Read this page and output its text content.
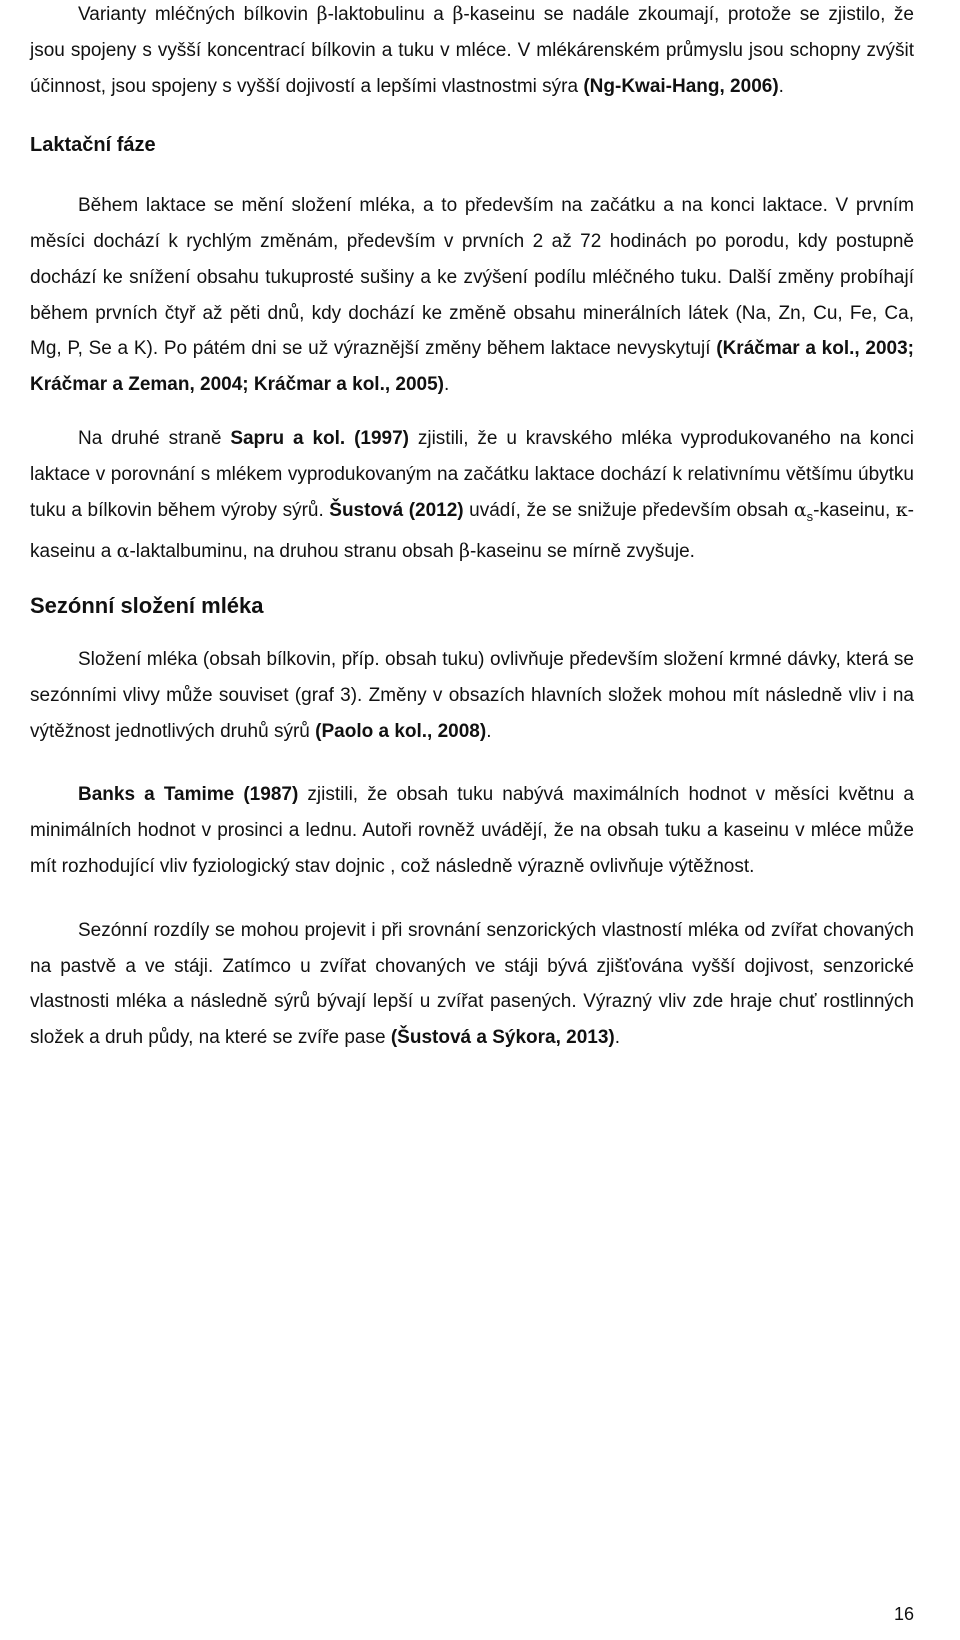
Varianty mléčných bílkovin β-laktobulinu a β-kaseinu se nadále zkoumají, protože se zjistilo, že jsou spojeny s vyšší koncentrací bílkovin a tuku v mléce. V mlékárenském průmyslu jsou schopny zvýšit účinnost, jsou spojeny s vyšší dojivostí a lepšími vlastnostmi sýra (Ng-Kwai-Hang, 2006).

Laktační fáze

Během laktace se mění složení mléka, a to především na začátku a na konci laktace. V prvním měsíci dochází k rychlým změnám, především v prvních 2 až 72 hodinách po porodu, kdy postupně dochází ke snížení obsahu tukuprosté sušiny a ke zvýšení podílu mléčného tuku. Další změny probíhají během prvních čtyř až pěti dnů, kdy dochází ke změně obsahu minerálních látek (Na, Zn, Cu, Fe, Ca, Mg, P, Se a K). Po pátém dni se už výraznější změny během laktace nevyskytují (Kráčmar a kol., 2003; Kráčmar a Zeman, 2004; Kráčmar a kol., 2005).

Na druhé straně Sapru a kol. (1997) zjistili, že u kravského mléka vyprodukovaného na konci laktace v porovnání s mlékem vyprodukovaným na začátku laktace dochází k relativnímu většímu úbytku tuku a bílkovin během výroby sýrů. Šustová (2012) uvádí, že se snižuje především obsah $\alpha_s$-kaseinu, κ-kaseinu a α-laktalbuminu, na druhou stranu obsah β-kaseinu se mírně zvyšuje.

Sezónní složení mléka

Složení mléka (obsah bílkovin, příp. obsah tuku) ovlivňuje především složení krmné dávky, která se sezónními vlivy může souviset (graf 3). Změny v obsazích hlavních složek mohou mít následně vliv i na výtěžnost jednotlivých druhů sýrů (Paolo a kol., 2008).

Banks a Tamime (1987) zjistili, že obsah tuku nabývá maximálních hodnot v měsíci květnu a minimálních hodnot v prosinci a lednu. Autoři rovněž uvádějí, že na obsah tuku a kaseinu v mléce může mít rozhodující vliv fyziologický stav dojnic , což následně výrazně ovlivňuje výtěžnost.

Sezónní rozdíly se mohou projevit i při srovnání senzorických vlastností mléka od zvířat chovaných na pastvě a ve stáji. Zatímco u zvířat chovaných ve stáji bývá zjišťována vyšší dojivost, senzorické vlastnosti mléka a následně sýrů bývají lepší u zvířat pasených. Výrazný vliv zde hraje chuť rostlinných složek a druh půdy, na které se zvíře pase (Šustová a Sýkora, 2013).

16
